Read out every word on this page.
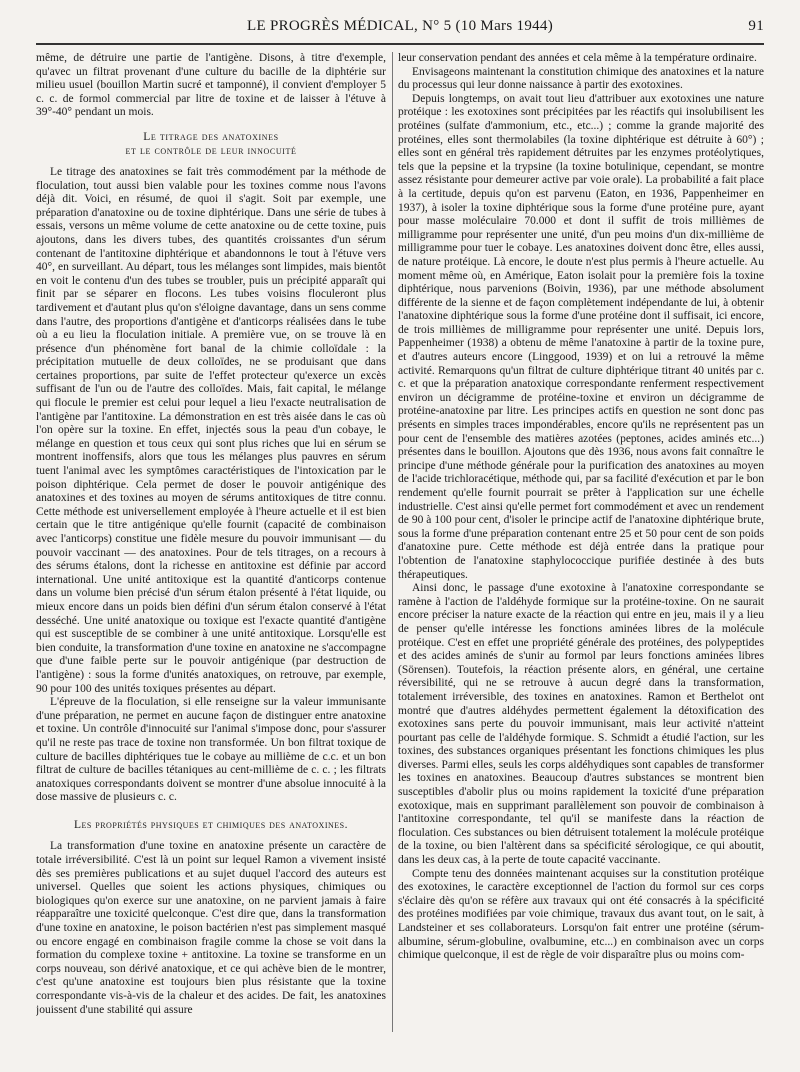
LE PROGRÈS MÉDICAL, N° 5 (10 Mars 1944)	91

même, de détruire une partie de l'antigène. Disons, à titre d'exemple, qu'avec un filtrat provenant d'une culture du bacille de la diphtérie sur milieu usuel (bouillon Martin sucré et tamponné), il convient d'employer 5 c. c. de formol commercial par litre de toxine et de laisser à l'étuve à 39°-40° pendant un mois.

Le titrage des anatoxines
et le contrôle de leur innocuité

Le titrage des anatoxines se fait très commodément par la méthode de floculation, tout aussi bien valable pour les toxines comme nous l'avons déjà dit. Voici, en résumé, de quoi il s'agit. Soit par exemple, une préparation d'anatoxine ou de toxine diphtérique. Dans une série de tubes à essais, versons un même volume de cette anatoxine ou de cette toxine, puis ajoutons, dans les divers tubes, des quantités croissantes d'un sérum contenant de l'antitoxine diphtérique et abandonnons le tout à l'étuve vers 40°, en surveillant. Au départ, tous les mélanges sont limpides, mais bientôt en voit le contenu d'un des tubes se troubler, puis un précipité apparaît qui finit par se séparer en flocons. Les tubes voisins floculeront plus tardivement et d'autant plus qu'on s'éloigne davantage, dans un sens comme dans l'autre, des proportions d'antigène et d'anticorps réalisées dans le tube où a eu lieu la floculation initiale. A première vue, on se trouve là en présence d'un phénomène fort banal de la chimie colloïdale : la précipitation mutuelle de deux colloïdes, ne se produisant que dans certaines proportions, par suite de l'effet protecteur qu'exerce un excès suffisant de l'un ou de l'autre des colloïdes. Mais, fait capital, le mélange qui flocule le premier est celui pour lequel a lieu l'exacte neutralisation de l'antigène par l'antitoxine. La démonstration en est très aisée dans le cas où l'on opère sur la toxine. En effet, injectés sous la peau d'un cobaye, le mélange en question et tous ceux qui sont plus riches que lui en sérum se montrent inoffensifs, alors que tous les mélanges plus pauvres en sérum tuent l'animal avec les symptômes caractéristiques de l'intoxication par le poison diphtérique. Cela permet de doser le pouvoir antigénique des anatoxines et des toxines au moyen de sérums antitoxiques de titre connu. Cette méthode est universellement employée à l'heure actuelle et il est bien certain que le titre antigénique qu'elle fournit (capacité de combinaison avec l'anticorps) constitue une fidèle mesure du pouvoir immunisant — du pouvoir vaccinant — des anatoxines. Pour de tels titrages, on a recours à des sérums étalons, dont la richesse en antitoxine est définie par accord international. Une unité antitoxique est la quantité d'anticorps contenue dans un volume bien précisé d'un sérum étalon présenté à l'état liquide, ou mieux encore dans un poids bien défini d'un sérum étalon conservé à l'état desséché. Une unité anatoxique ou toxique est l'exacte quantité d'antigène qui est susceptible de se combiner à une unité antitoxique. Lorsqu'elle est bien conduite, la transformation d'une toxine en anatoxine ne s'accompagne que d'une faible perte sur le pouvoir antigénique (par destruction de l'antigène) : sous la forme d'unités anatoxiques, on retrouve, par exemple, 90 pour 100 des unités toxiques présentes au départ.

L'épreuve de la floculation, si elle renseigne sur la valeur immunisante d'une préparation, ne permet en aucune façon de distinguer entre anatoxine et toxine. Un contrôle d'innocuité sur l'animal s'impose donc, pour s'assurer qu'il ne reste pas trace de toxine non transformée. Un bon filtrat toxique de culture de bacilles diphtériques tue le cobaye au millième de c.c. et un bon filtrat de culture de bacilles tétaniques au cent-millième de c. c. ; les filtrats anatoxiques correspondants doivent se montrer d'une absolue innocuité à la dose massive de plusieurs c. c.

Les propriétés physiques et chimiques des anatoxines.

La transformation d'une toxine en anatoxine présente un caractère de totale irréversibilité. C'est là un point sur lequel Ramon a vivement insisté dès ses premières publications et au sujet duquel l'accord des auteurs est universel. Quelles que soient les actions physiques, chimiques ou biologiques qu'on exerce sur une anatoxine, on ne parvient jamais à faire réapparaître une toxicité quelconque. C'est dire que, dans la transformation d'une toxine en anatoxine, le poison bactérien n'est pas simplement masqué ou encore engagé en combinaison fragile comme la chose se voit dans la formation du complexe toxine + antitoxine. La toxine se transforme en un corps nouveau, son dérivé anatoxique, et ce qui achève bien de le montrer, c'est qu'une anatoxine est toujours bien plus résistante que la toxine correspondante vis-à-vis de la chaleur et des acides. De fait, les anatoxines jouissent d'une stabilité qui assure

leur conservation pendant des années et cela même à la température ordinaire.

Envisageons maintenant la constitution chimique des anatoxines et la nature du processus qui leur donne naissance à partir des exotoxines.

Depuis longtemps, on avait tout lieu d'attribuer aux exotoxines une nature protéique : les exotoxines sont précipitées par les réactifs qui insolubilisent les protéines (sulfate d'ammonium, etc., etc...) ; comme la grande majorité des protéines, elles sont thermolabiles (la toxine diphtérique est détruite à 60°) ; elles sont en général très rapidement détruites par les enzymes protéolytiques, tels que la pepsine et la trypsine (la toxine botulinique, cependant, se montre assez résistante pour demeurer active par voie orale). La probabilité a fait place à la certitude, depuis qu'on est parvenu (Eaton, en 1936, Pappenheimer en 1937), à isoler la toxine diphtérique sous la forme d'une protéine pure, ayant pour masse moléculaire 70.000 et dont il suffit de trois millièmes de milligramme pour représenter une unité, d'un peu moins d'un dix-millième de milligramme pour tuer le cobaye. Les anatoxines doivent donc être, elles aussi, de nature protéique. Là encore, le doute n'est plus permis à l'heure actuelle. Au moment même où, en Amérique, Eaton isolait pour la première fois la toxine diphtérique, nous parvenions (Boivin, 1936), par une méthode absolument différente de la sienne et de façon complètement indépendante de lui, à obtenir l'anatoxine diphtérique sous la forme d'une protéine dont il suffisait, ici encore, de trois millièmes de milligramme pour représenter une unité. Depuis lors, Pappenheimer (1938) a obtenu de même l'anatoxine à partir de la toxine pure, et d'autres auteurs encore (Linggood, 1939) et on lui a retrouvé la même activité. Remarquons qu'un filtrat de culture diphtérique titrant 40 unités par c. c. et que la préparation anatoxique correspondante renferment respectivement environ un décigramme de protéine-toxine et environ un décigramme de protéine-anatoxine par litre. Les principes actifs en question ne sont donc pas présents en simples traces impondérables, encore qu'ils ne représentent pas un pour cent de l'ensemble des matières azotées (peptones, acides aminés etc...) présentes dans le bouillon. Ajoutons que dès 1936, nous avons fait connaître le principe d'une méthode générale pour la purification des anatoxines au moyen de l'acide trichloracétique, méthode qui, par sa facilité d'exécution et par le bon rendement qu'elle fournit pourrait se prêter à l'application sur une échelle industrielle. C'est ainsi qu'elle permet fort commodément et avec un rendement de 90 à 100 pour cent, d'isoler le principe actif de l'anatoxine diphtérique brute, sous la forme d'une préparation contenant entre 25 et 50 pour cent de son poids d'anatoxine pure. Cette méthode est déjà entrée dans la pratique pour l'obtention de l'anatoxine staphylococcique purifiée destinée à des buts thérapeutiques.

Ainsi donc, le passage d'une exotoxine à l'anatoxine correspondante se ramène à l'action de l'aldéhyde formique sur la protéine-toxine. On ne saurait encore préciser la nature exacte de la réaction qui entre en jeu, mais il y a lieu de penser qu'elle intéresse les fonctions aminées libres de la molécule protéique. C'est en effet une propriété générale des protéines, des polypeptides et des acides aminés de s'unir au formol par leurs fonctions aminées libres (Sörensen). Toutefois, la réaction présente alors, en général, une certaine réversibilité, qui ne se retrouve à aucun degré dans la transformation, totalement irréversible, des toxines en anatoxines. Ramon et Berthelot ont montré que d'autres aldéhydes permettent également la détoxification des exotoxines sans perte du pouvoir immunisant, mais leur activité n'atteint pourtant pas celle de l'aldéhyde formique. S. Schmidt a étudié l'action, sur les toxines, des substances organiques présentant les fonctions chimiques les plus diverses. Parmi elles, seuls les corps aldéhydiques sont capables de transformer les toxines en anatoxines. Beaucoup d'autres substances se montrent bien susceptibles d'abolir plus ou moins rapidement la toxicité d'une préparation exotoxique, mais en supprimant parallèlement son pouvoir de combinaison à l'antitoxine correspondante, tel qu'il se manifeste dans la réaction de floculation. Ces substances ou bien détruisent totalement la molécule protéique de la toxine, ou bien l'altèrent dans sa spécificité sérologique, ce qui aboutit, dans les deux cas, à la perte de toute capacité vaccinante.

Compte tenu des données maintenant acquises sur la constitution protéique des exotoxines, le caractère exceptionnel de l'action du formol sur ces corps s'éclaire dès qu'on se réfère aux travaux qui ont été consacrés à la spécificité des protéines modifiées par voie chimique, travaux dus avant tout, on le sait, à Landsteiner et ses collaborateurs. Lorsqu'on fait entrer une protéine (sérum-albumine, sérum-globuline, ovalbumine, etc...) en combinaison avec un corps chimique quelconque, il est de règle de voir disparaître plus ou moins com-
